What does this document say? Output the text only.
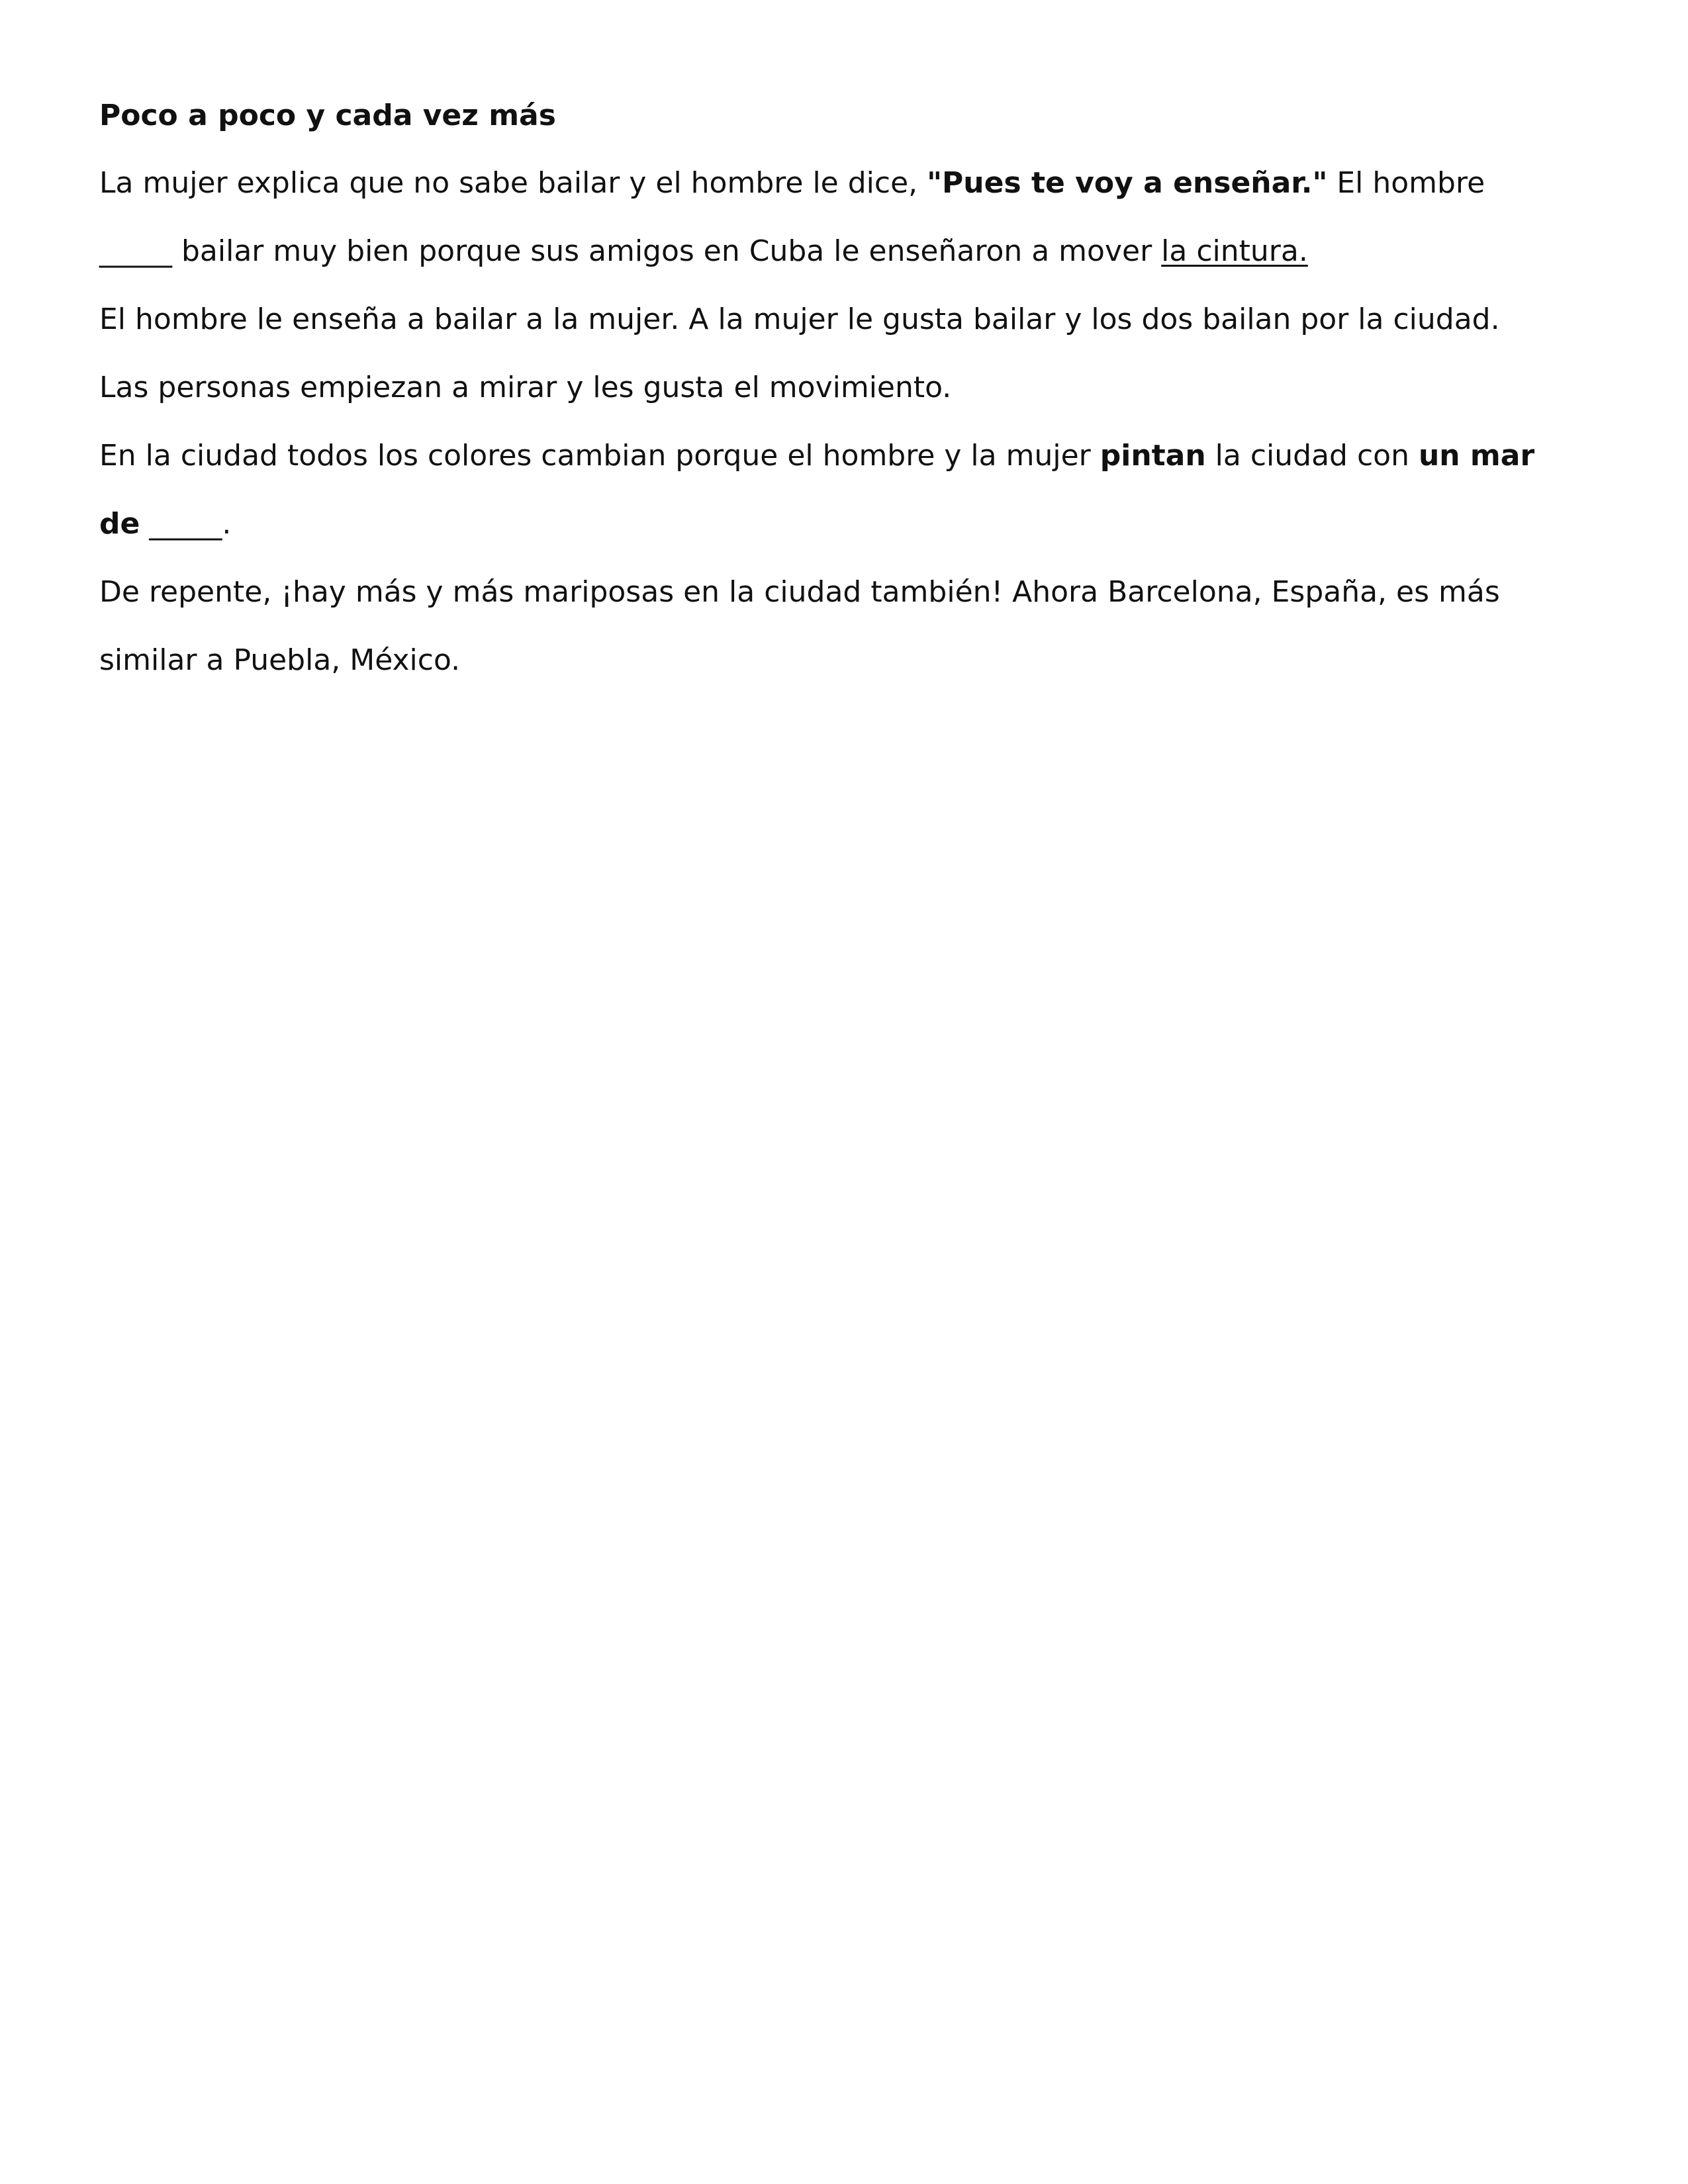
Poco a poco y cada vez más
La mujer explica que no sabe bailar y el hombre le dice, "Pues te voy a enseñar." El hombre
_____ bailar muy bien porque sus amigos en Cuba le enseñaron a mover la cintura.
El hombre le enseña a bailar a la mujer. A la mujer le gusta bailar y los dos bailan por la ciudad.
Las personas empiezan a mirar y les gusta el movimiento.
En la ciudad todos los colores cambian porque el hombre y la mujer pintan la ciudad con un mar
de _____.
De repente, ¡hay más y más mariposas en la ciudad también! Ahora Barcelona, España, es más
similar a Puebla, México.
